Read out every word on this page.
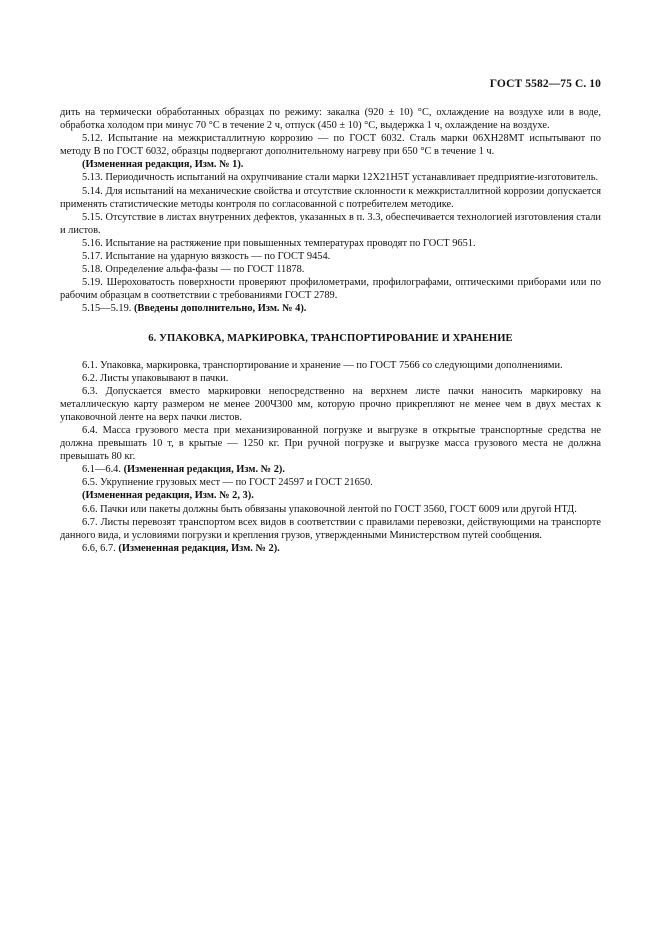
ГОСТ 5582—75 С. 10

дить на термически обработанных образцах по режиму: закалка (920 ± 10) °С, охлаждение на воздухе или в воде, обработка холодом при минус 70 °С в течение 2 ч, отпуск (450 ± 10) °С, выдержка 1 ч, охлаждение на воздухе.

5.12. Испытание на межкристаллитную коррозию — по ГОСТ 6032. Сталь марки 06ХН28МТ испытывают по методу В по ГОСТ 6032, образцы подвергают дополнительному нагреву при 650 °С в течение 1 ч.

(Измененная редакция, Изм. № 1).

5.13. Периодичность испытаний на охрупчивание стали марки 12Х21Н5Т устанавливает предприятие-изготовитель.

5.14. Для испытаний на механические свойства и отсутствие склонности к межкристаллитной коррозии допускается применять статистические методы контроля по согласованной с потребителем методике.

5.15. Отсутствие в листах внутренних дефектов, указанных в п. 3.3, обеспечивается технологией изготовления стали и листов.

5.16. Испытание на растяжение при повышенных температурах проводят по ГОСТ 9651.

5.17. Испытание на ударную вязкость — по ГОСТ 9454.

5.18. Определение альфа-фазы — по ГОСТ 11878.

5.19. Шероховатость поверхности проверяют профилометрами, профилографами, оптическими приборами или по рабочим образцам в соответствии с требованиями ГОСТ 2789.

5.15—5.19. (Введены дополнительно, Изм. № 4).

6. УПАКОВКА, МАРКИРОВКА, ТРАНСПОРТИРОВАНИЕ И ХРАНЕНИЕ

6.1. Упаковка, маркировка, транспортирование и хранение — по ГОСТ 7566 со следующими дополнениями.

6.2. Листы упаковывают в пачки.

6.3. Допускается вместо маркировки непосредственно на верхнем листе пачки наносить маркировку на металлическую карту размером не менее 200Ч300 мм, которую прочно прикрепляют не менее чем в двух местах к упаковочной ленте на верх пачки листов.

6.4. Масса грузового места при механизированной погрузке и выгрузке в открытые транспортные средства не должна превышать 10 т, в крытые — 1250 кг. При ручной погрузке и выгрузке масса грузового места не должна превышать 80 кг.

6.1—6.4. (Измененная редакция, Изм. № 2).

6.5. Укрупнение грузовых мест — по ГОСТ 24597 и ГОСТ 21650.

(Измененная редакция, Изм. № 2, 3).

6.6. Пачки или пакеты должны быть обвязаны упаковочной лентой по ГОСТ 3560, ГОСТ 6009 или другой НТД.

6.7. Листы перевозят транспортом всех видов в соответствии с правилами перевозки, действующими на транспорте данного вида, и условиями погрузки и крепления грузов, утвержденными Министерством путей сообщения.

6.6, 6.7. (Измененная редакция, Изм. № 2).
